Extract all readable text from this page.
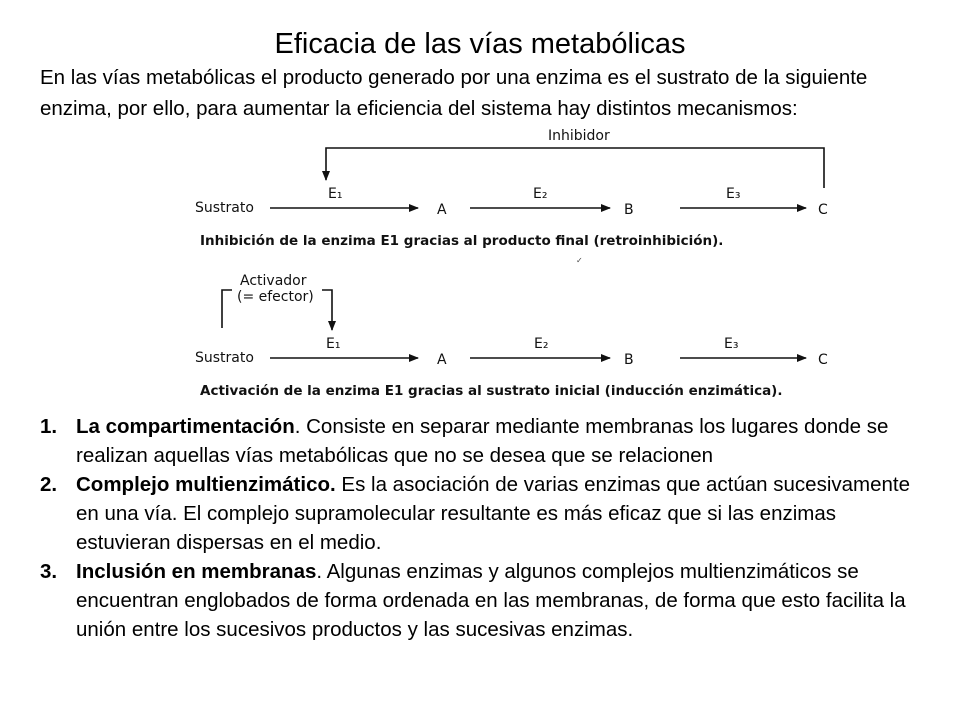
Eficacia de las vías metabólicas

En las vías metabólicas el producto generado por una enzima es el sustrato de la siguiente enzima, por ello, para aumentar la eficiencia del sistema hay distintos mecanismos:

Inhibidor
Sustrato
E₁
A
E₂
B
E₃
C
Inhibición de la enzima E1 gracias al producto final (retroinhibición).
✓
Activador
(= efector)
Sustrato
E₁
A
E₂
B
E₃
C
Activación de la enzima E1 gracias al sustrato inicial (inducción enzimática).
1. La compartimentación. Consiste en separar mediante membranas los lugares donde se realizan aquellas vías metabólicas que no se desea que se relacionen
2. Complejo multienzimático. Es la asociación de varias enzimas que actúan sucesivamente en una vía. El complejo supramolecular resultante es más eficaz que si las enzimas estuvieran dispersas en el medio.
3. Inclusión en membranas. Algunas enzimas y algunos complejos multienzimáticos se encuentran englobados de forma ordenada en las membranas, de forma que esto facilita la unión entre los sucesivos productos y las sucesivas enzimas.
